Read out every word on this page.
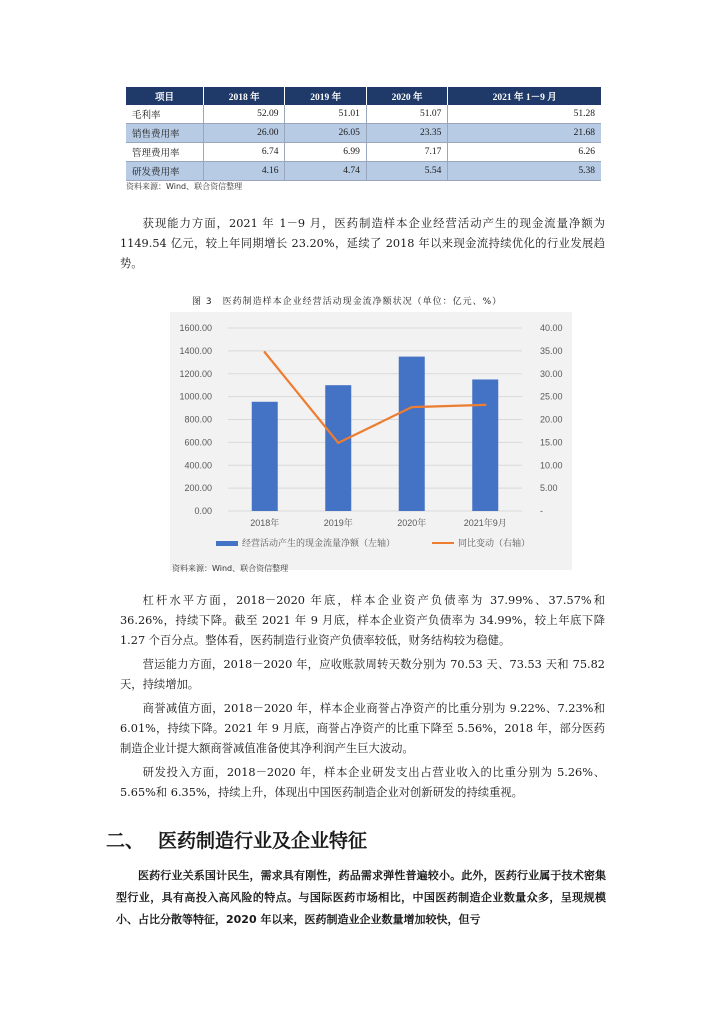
项目	2018 年	2019 年	2020 年	2021 年 1－9 月
毛利率	52.09	51.01	51.07	51.28
销售费用率	26.00	26.05	23.35	21.68
管理费用率	6.74	6.99	7.17	6.26
研发费用率	4.16	4.74	5.54	5.38
资料来源：Wind、联合资信整理

获现能力方面，2021 年 1－9 月，医药制造样本企业经营活动产生的现金流量净额为 1149.54 亿元，较上年同期增长 23.20%，延续了 2018 年以来现金流持续优化的行业发展趋势。

图 3　医药制造样本企业经营活动现金流净额状况（单位：亿元、%）
0.00
200.00
400.00
600.00
800.00
1000.00
1200.00
1400.00
1600.00
-
5.00
10.00
15.00
20.00
25.00
30.00
35.00
40.00
2018年	2019年	2020年	2021年9月
经营活动产生的现金流量净额（左轴）	同比变动（右轴）
资料来源：Wind、联合资信整理

杠杆水平方面，2018－2020 年底，样本企业资产负债率为 37.99%、37.57%和 36.26%，持续下降。截至 2021 年 9 月底，样本企业资产负债率为 34.99%，较上年底下降 1.27 个百分点。整体看，医药制造行业资产负债率较低，财务结构较为稳健。

营运能力方面，2018－2020 年，应收账款周转天数分别为 70.53 天、73.53 天和 75.82 天，持续增加。

商誉减值方面，2018－2020 年，样本企业商誉占净资产的比重分别为 9.22%、7.23%和 6.01%，持续下降。2021 年 9 月底，商誉占净资产的比重下降至 5.56%，2018 年，部分医药制造企业计提大额商誉减值准备使其净利润产生巨大波动。

研发投入方面，2018－2020 年，样本企业研发支出占营业收入的比重分别为 5.26%、5.65%和 6.35%，持续上升，体现出中国医药制造企业对创新研发的持续重视。

二、 医药制造行业及企业特征

医药行业关系国计民生，需求具有刚性，药品需求弹性普遍较小。此外，医药行业属于技术密集型行业，具有高投入高风险的特点。与国际医药市场相比，中国医药制造企业数量众多，呈现规模小、占比分散等特征，2020 年以来，医药制造业企业数量增加较快，但亏
